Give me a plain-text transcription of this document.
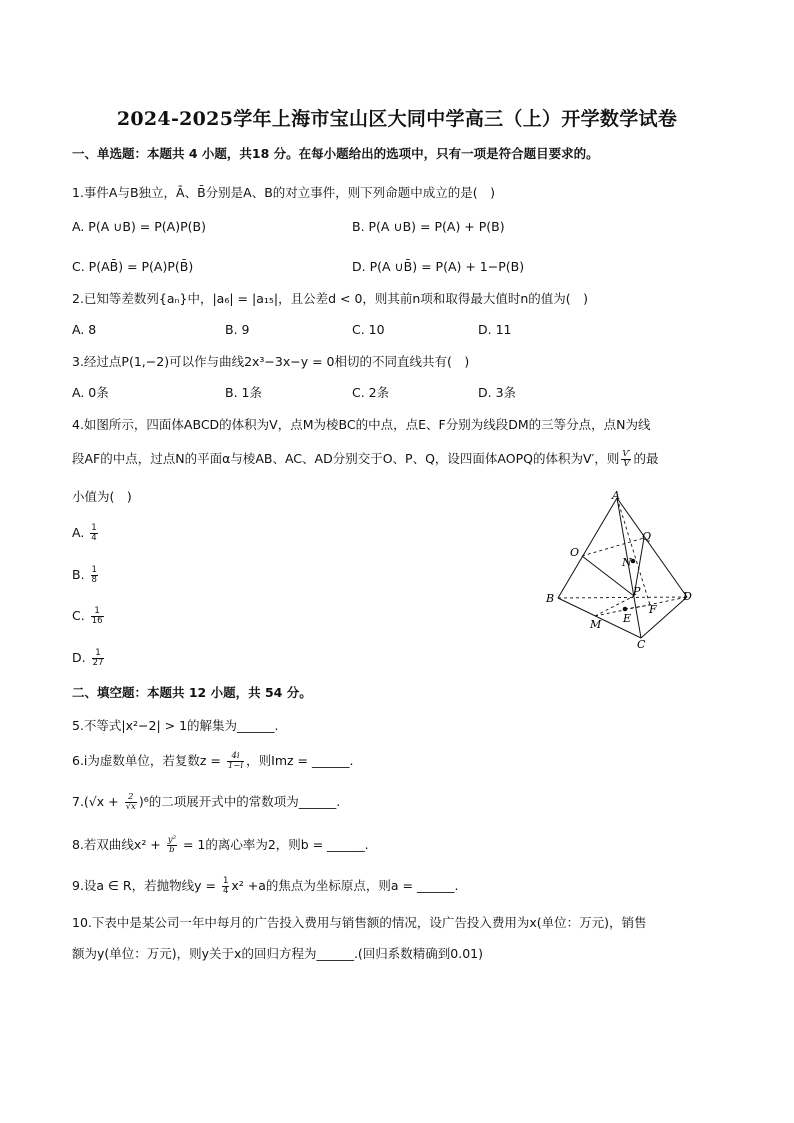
2024-2025学年上海市宝山区大同中学高三（上）开学数学试卷
一、单选题：本题共 4 小题，共18 分。在每小题给出的选项中，只有一项是符合题目要求的。
1.事件A与B独立，Ā、B̄分别是A、B的对立事件，则下列命题中成立的是(　)
A. P(A ∪B) = P(A)P(B)	B. P(A ∪B) = P(A) + P(B)
C. P(AB̄) = P(A)P(B̄)	D. P(A ∪B̄) = P(A) + 1−P(B)
2.已知等差数列{aₙ}中，|a₆| = |a₁₅|，且公差d < 0，则其前n项和取得最大值时n的值为(　)
A. 8	B. 9	C. 10	D. 11
3.经过点P(1,−2)可以作与曲线2x³−3x−y = 0相切的不同直线共有(　)
A. 0条	B. 1条	C. 2条	D. 3条
4.如图所示，四面体ABCD的体积为V，点M为棱BC的中点，点E、F分别为线段DM的三等分点，点N为线
段AF的中点，过点N的平面α与棱AB、AC、AD分别交于O、P、Q，设四面体AOPQ的体积为V′，则 $\frac{V'}{V}$ 的最
小值为(　)
A. $\frac{1}{4}$
B. $\frac{1}{8}$
C. $\frac{1}{16}$
D. $\frac{1}{27}$
A
Q
O
N
B	D
P
F
E
M
C
二、填空题：本题共 12 小题，共 54 分。
5.不等式|x²−2| > 1的解集为______.
6.i为虚数单位，若复数$z = \frac{4i}{1-i}$ ，则Imz = ______.
$7.(√x + \frac{2}{√x} )^6$的二项展开式中的常数项为______.
8.若双曲线$x^2 + \frac{\text{y²}}{b} = 1$的离心率为2，则b = ______.
9.设a ∈ R，若抛物线$y = \frac{1}{4} x^2 +a$的焦点为坐标原点，则a = ______.
10.下表中是某公司一年中每月的广告投入费用与销售额的情况，设广告投入费用为x(单位：万元)，销售
额为y(单位：万元)，则y关于x的回归方程为______.(回归系数精确到0.01)
